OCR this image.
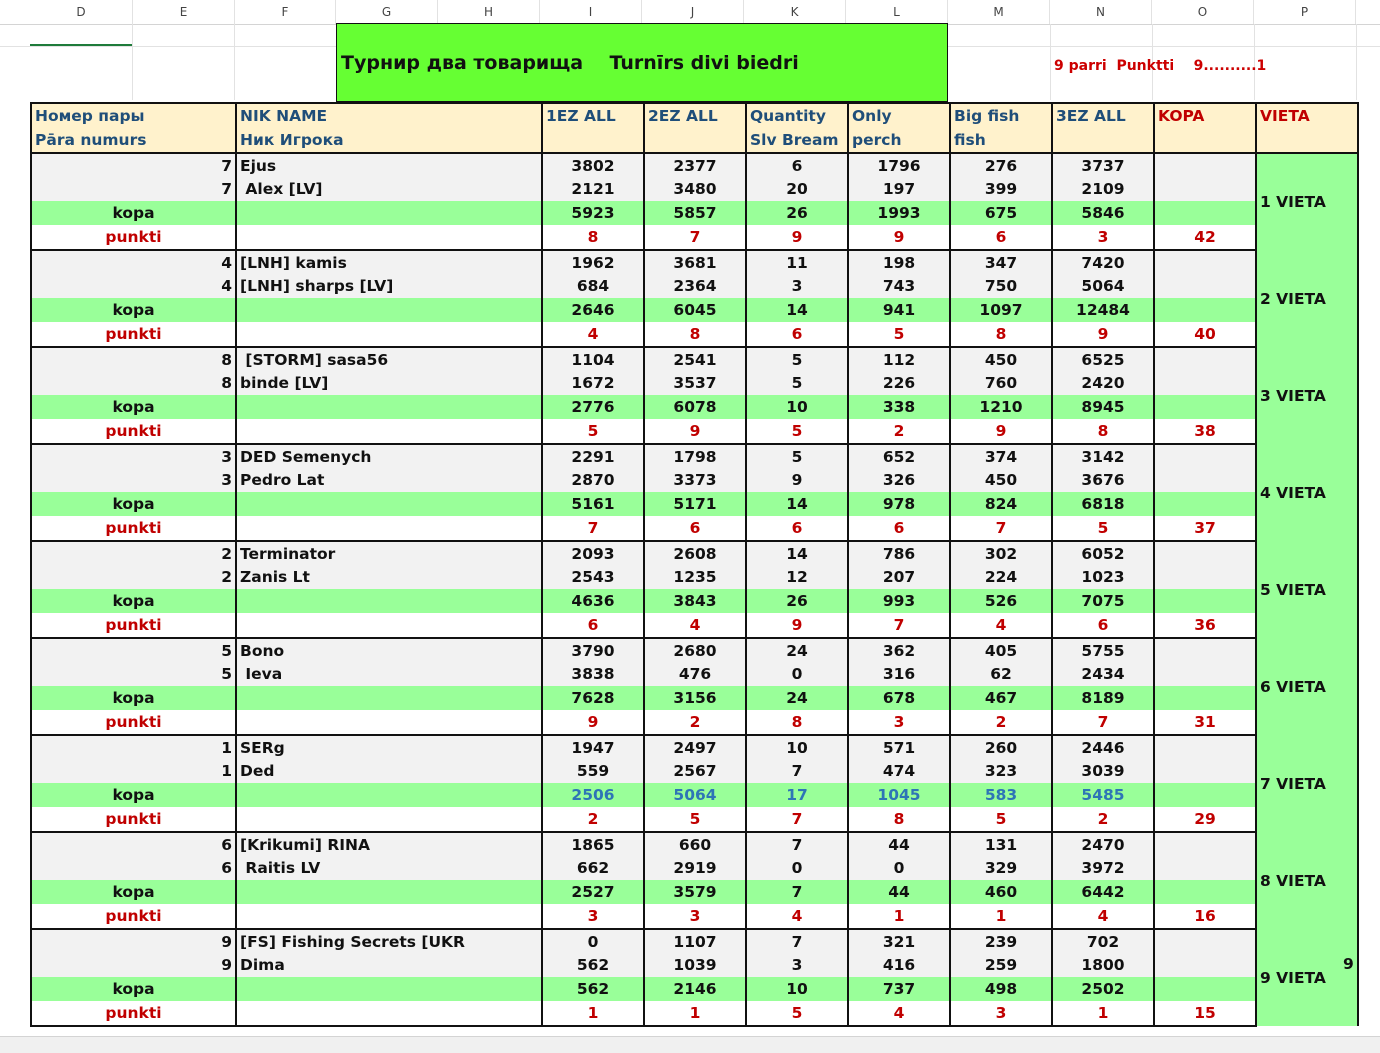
D	E	F	G	H	I	J	K	L	M	N	O	P
Турнир два товарища    Turnīrs divi biedri	9 parri  Punktti    9..........1
Номер пары	NIK NAME	1EZ ALL	2EZ ALL	Quantity	Only	Big fish	3EZ ALL	KOPA	VIETA
Pāra numurs	Ник Игрока			Slv Bream	perch	fish			
7	Ejus	3802	2377	6	1796	276	3737		1 VIETA
7	Alex [LV]	2121	3480	20	197	399	2109		
kopa		5923	5857	26	1993	675	5846		
punkti		8	7	9	9	6	3	42	
4	[LNH] kamis	1962	3681	11	198	347	7420		2 VIETA
4	[LNH] sharps [LV]	684	2364	3	743	750	5064		
kopa		2646	6045	14	941	1097	12484		
punkti		4	8	6	5	8	9	40	
8	[STORM] sasa56	1104	2541	5	112	450	6525		3 VIETA
8	binde [LV]	1672	3537	5	226	760	2420		
kopa		2776	6078	10	338	1210	8945		
punkti		5	9	5	2	9	8	38	
3	DED Semenych	2291	1798	5	652	374	3142		4 VIETA
3	Pedro Lat	2870	3373	9	326	450	3676		
kopa		5161	5171	14	978	824	6818		
punkti		7	6	6	6	7	5	37	
2	Terminator	2093	2608	14	786	302	6052		5 VIETA
2	Zanis Lt	2543	1235	12	207	224	1023		
kopa		4636	3843	26	993	526	7075		
punkti		6	4	9	7	4	6	36	
5	Bono	3790	2680	24	362	405	5755		6 VIETA
5	Ieva	3838	476	0	316	62	2434		
kopa		7628	3156	24	678	467	8189		
punkti		9	2	8	3	2	7	31	
1	SERg	1947	2497	10	571	260	2446		7 VIETA
1	Ded	559	2567	7	474	323	3039		
kopa		2506	5064	17	1045	583	5485		
punkti		2	5	7	8	5	2	29	
6	[Krikumi] RINA	1865	660	7	44	131	2470		8 VIETA
6	Raitis LV	662	2919	0	0	329	3972		
kopa		2527	3579	7	44	460	6442		
punkti		3	3	4	1	1	4	16	
9	[FS] Fishing Secrets [UKR	0	1107	7	321	239	702		9 VIETA
9	Dima	562	1039	3	416	259	1800		
kopa		562	2146	10	737	498	2502		
punkti		1	1	5	4	3	1	15	
9
